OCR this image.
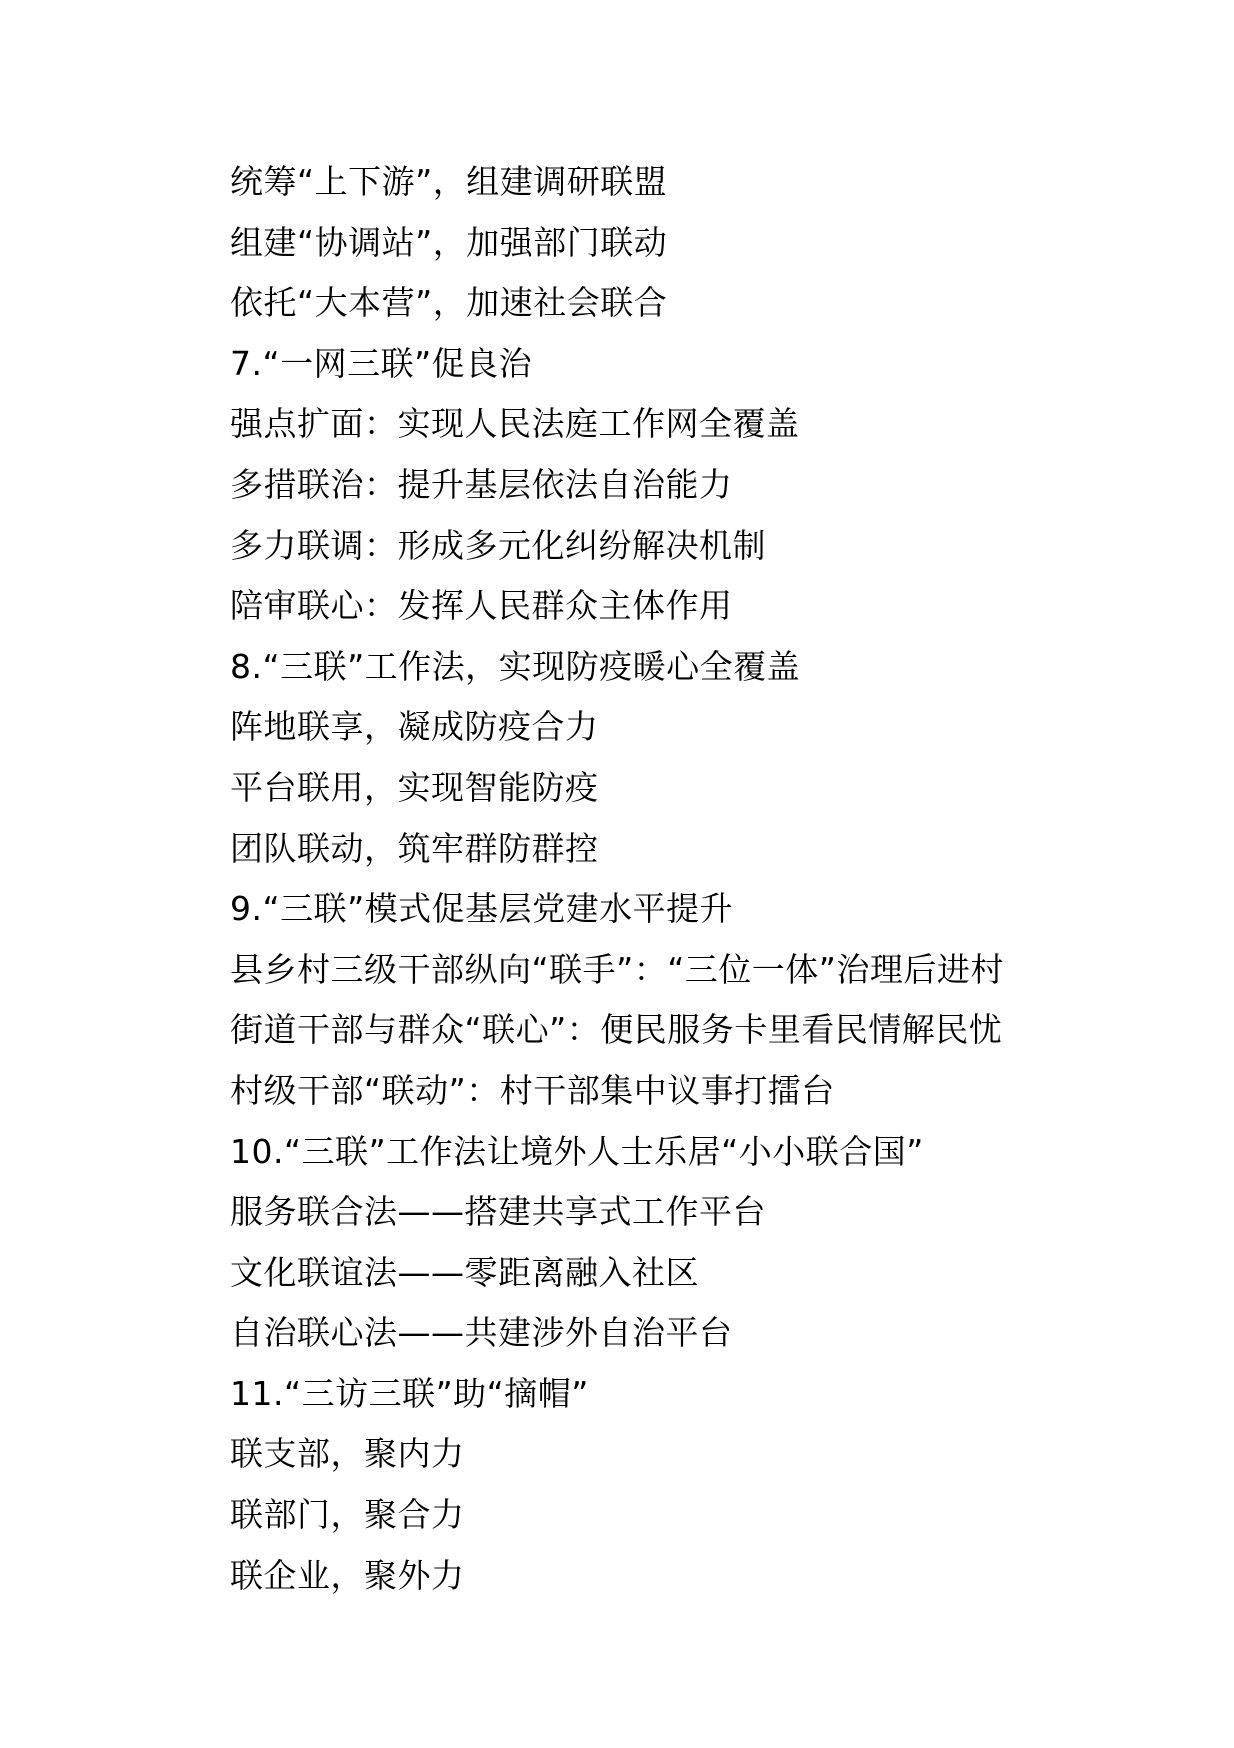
统筹“上下游”，组建调研联盟
组建“协调站”，加强部门联动
依托“大本营”，加速社会联合
7.“一网三联”促良治
强点扩面：实现人民法庭工作网全覆盖
多措联治：提升基层依法自治能力
多力联调：形成多元化纠纷解决机制
陪审联心：发挥人民群众主体作用
8.“三联”工作法，实现防疫暖心全覆盖
阵地联享，凝成防疫合力
平台联用，实现智能防疫
团队联动，筑牢群防群控
9.“三联”模式促基层党建水平提升
县乡村三级干部纵向“联手”：“三位一体”治理后进村
街道干部与群众“联心”：便民服务卡里看民情解民忧
村级干部“联动”：村干部集中议事打擂台
10.“三联”工作法让境外人士乐居“小小联合国”
服务联合法——搭建共享式工作平台
文化联谊法——零距离融入社区
自治联心法——共建涉外自治平台
11.“三访三联”助“摘帽”
联支部，聚内力
联部门，聚合力
联企业，聚外力
